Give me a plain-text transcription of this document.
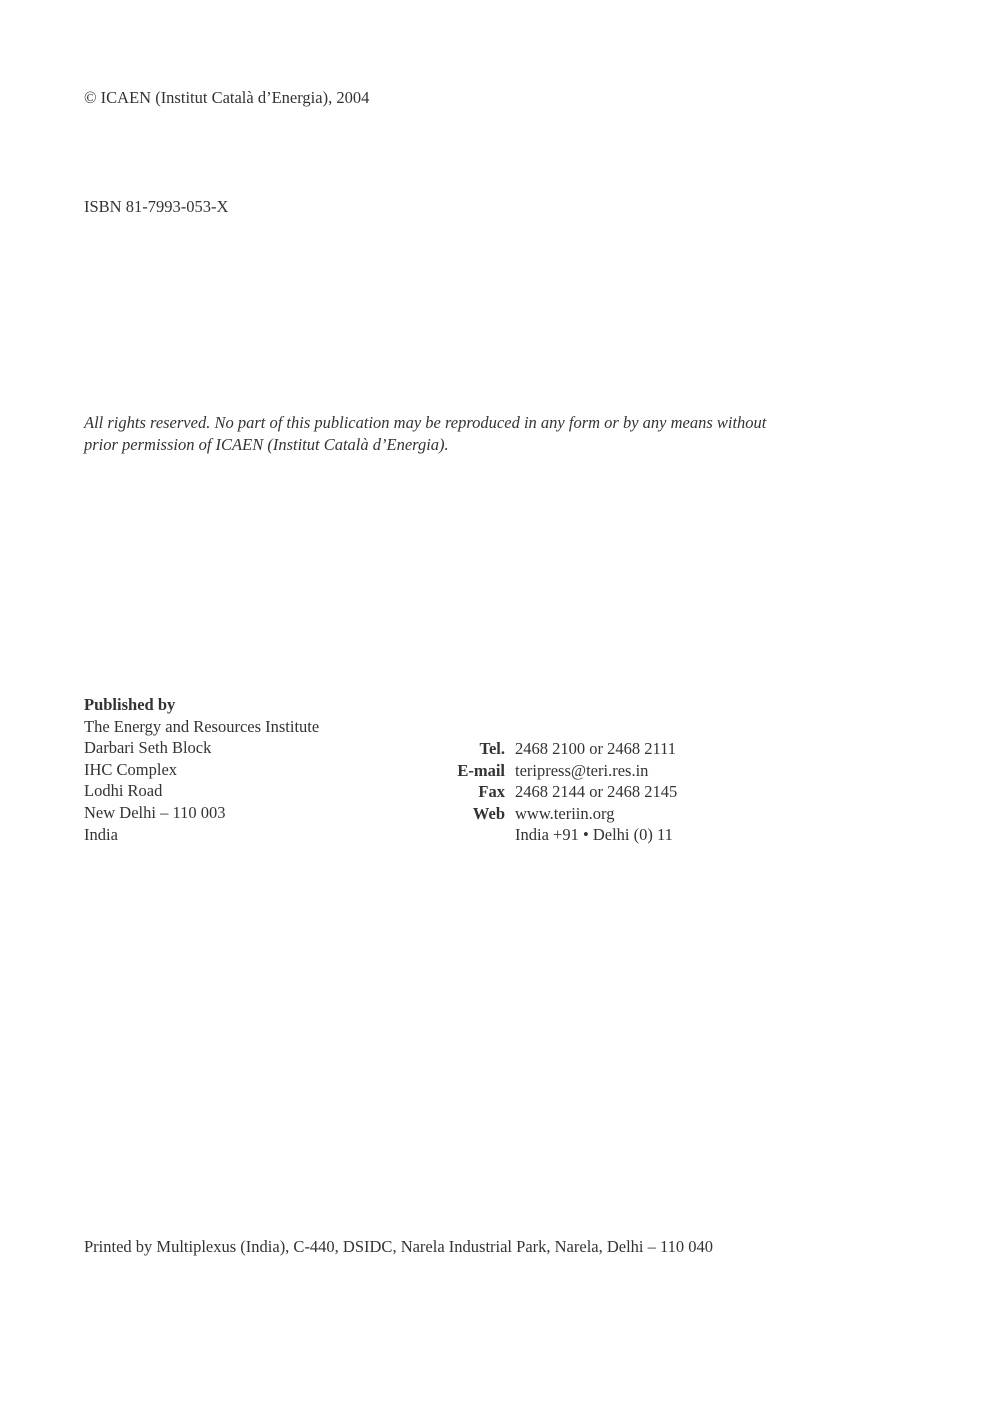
© ICAEN (Institut Català d’Energia), 2004
ISBN 81-7993-053-X
All rights reserved. No part of this publication may be reproduced in any form or by any means without
prior permission of ICAEN (Institut Català d’Energia).
Published by
The Energy and Resources Institute
Darbari Seth Block
IHC Complex
Lodhi Road
New Delhi – 110 003
India
Tel. 2468 2100 or 2468 2111
E-mail teripress@teri.res.in
Fax 2468 2144 or 2468 2145
Web www.teriin.org
India +91 • Delhi (0) 11
Printed by Multiplexus (India), C-440, DSIDC, Narela Industrial Park, Narela, Delhi – 110 040
